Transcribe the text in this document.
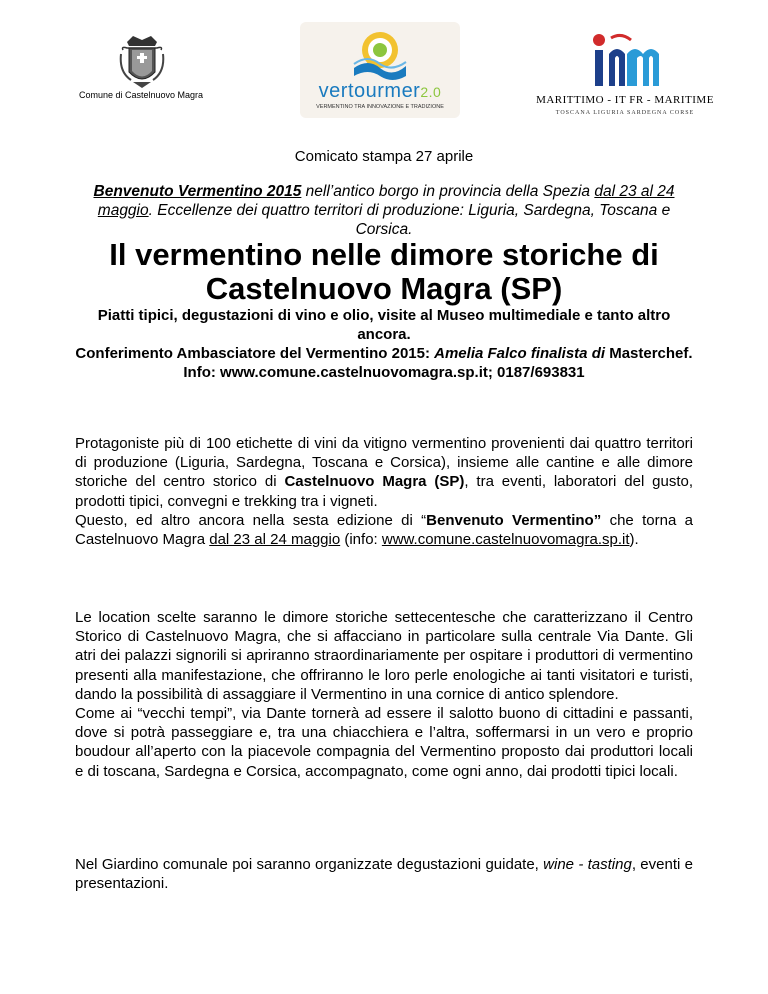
Comune di Castelnuovo Magra	vertourmer2.0
VERMENTINO TRA INNOVAZIONE E TRADIZIONE
MARITTIMO - IT FR - MARITIME
TOSCANA LIGURIA SARDEGNA CORSE
Comicato stampa 27 aprile
Benvenuto Vermentino 2015 nell’antico borgo in provincia della Spezia dal 23 al 24 maggio. Eccellenze dei quattro territori di produzione: Liguria, Sardegna, Toscana e Corsica.
Il vermentino nelle dimore storiche di Castelnuovo Magra (SP)
Piatti tipici, degustazioni di vino e olio, visite al Museo multimediale e tanto altro ancora.
Conferimento Ambasciatore del Vermentino 2015: Amelia Falco finalista di Masterchef.
Info: www.comune.castelnuovomagra.sp.it; 0187/693831
Protagoniste più di 100 etichette di vini da vitigno vermentino provenienti dai quattro territori di produzione (Liguria, Sardegna, Toscana e Corsica), insieme alle cantine e alle dimore storiche del centro storico di Castelnuovo Magra (SP), tra eventi, laboratori del gusto, prodotti tipici, convegni e trekking tra i vigneti.
Questo, ed altro ancora nella sesta edizione di “Benvenuto Vermentino” che torna a Castelnuovo Magra dal 23 al 24 maggio (info: www.comune.castelnuovomagra.sp.it).
Le location scelte saranno le dimore storiche settecentesche che caratterizzano il Centro Storico di Castelnuovo Magra, che si affacciano in particolare sulla centrale Via Dante. Gli atri dei palazzi signorili si apriranno straordinariamente per ospitare i produttori di vermentino presenti alla manifestazione, che offriranno le loro perle enologiche ai tanti visitatori e turisti, dando la possibilità di assaggiare il Vermentino in una cornice di antico splendore.
Come ai “vecchi tempi”, via Dante tornerà ad essere il salotto buono di cittadini e passanti, dove si potrà passeggiare e, tra una chiacchiera e l’altra, soffermarsi in un vero e proprio boudour all’aperto con la piacevole compagnia del Vermentino proposto dai produttori locali e di toscana, Sardegna e Corsica, accompagnato, come ogni anno, dai prodotti tipici locali.
Nel Giardino comunale poi saranno organizzate degustazioni guidate, wine - tasting, eventi e presentazioni.
